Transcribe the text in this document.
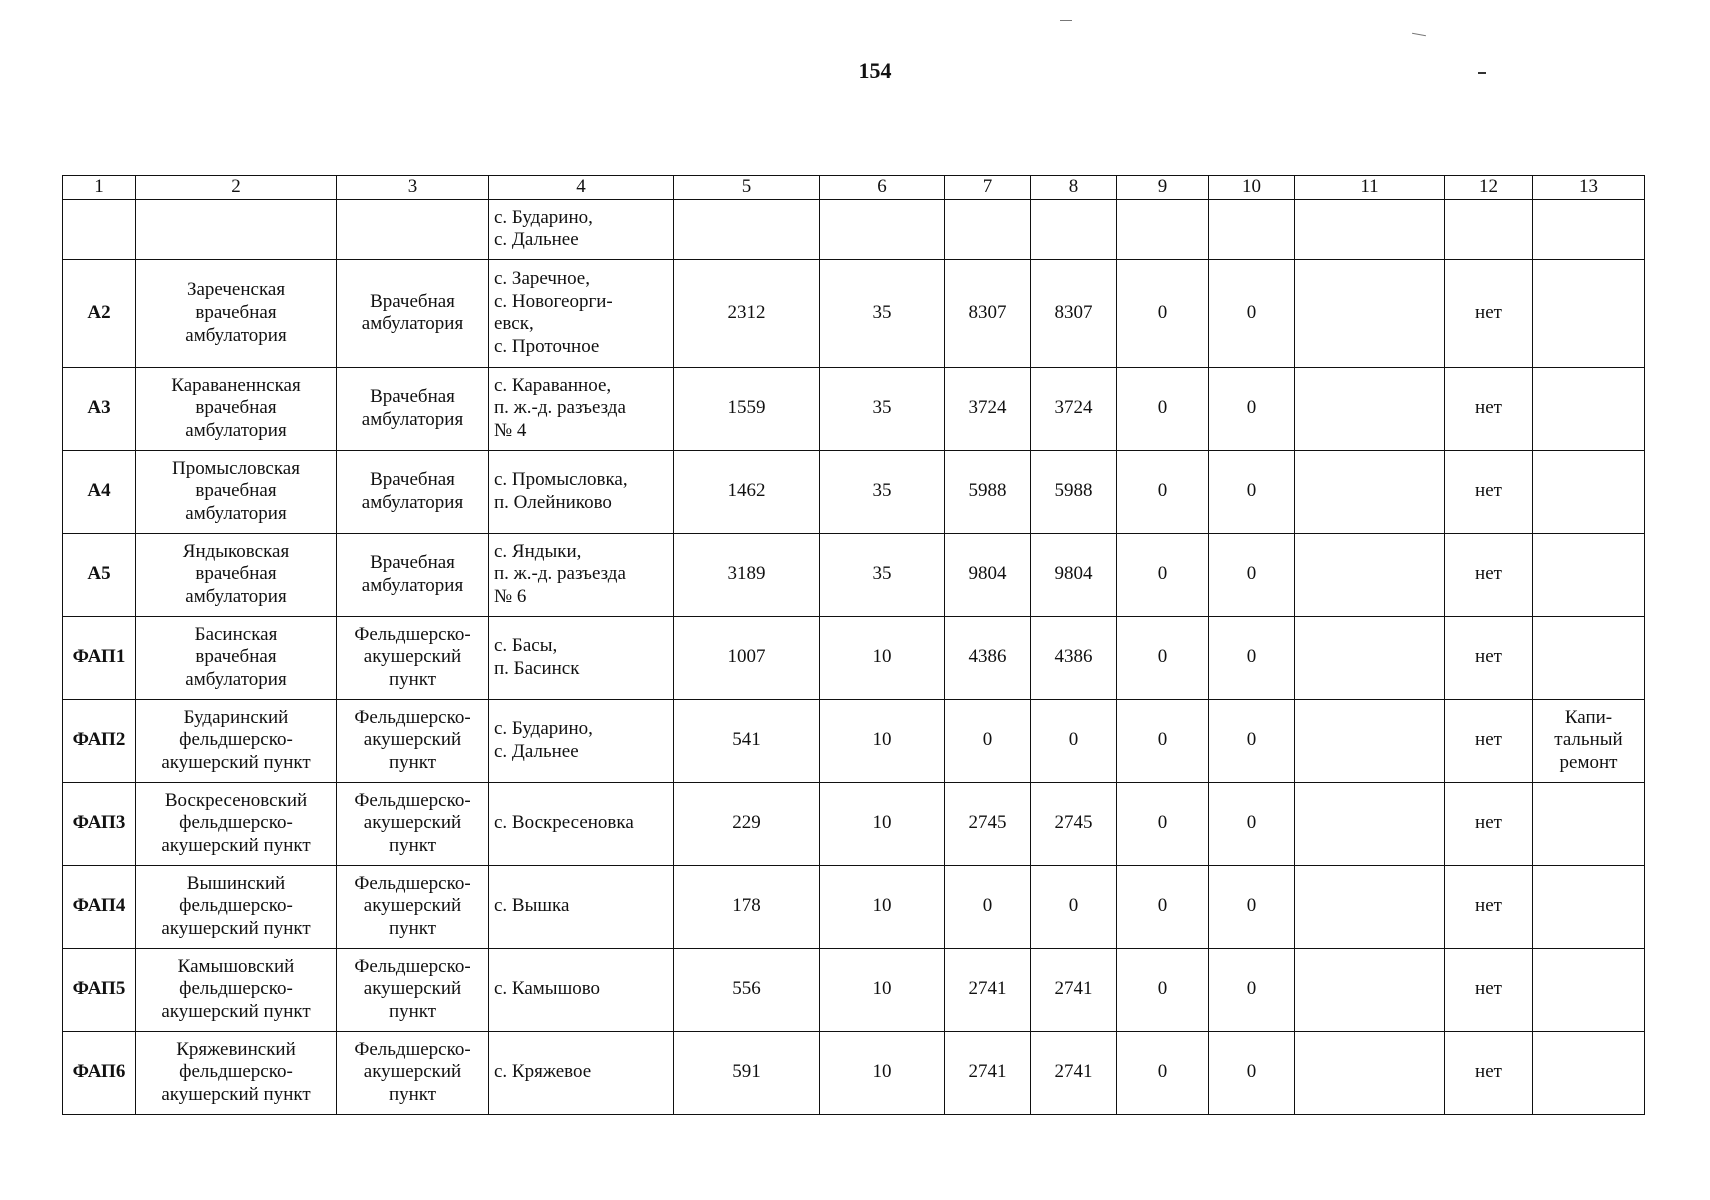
154
1	2	3	4	5	6	7	8	9	10	11	12	13
			с. Бударино,
с. Дальнее									
А2	Зареченская
врачебная
амбулатория	Врачебная
амбулатория	с. Заречное,
с. Новогеорги-
евск,
с. Проточное	2312	35	8307	8307	0	0		нет	
А3	Караваненнская
врачебная
амбулатория	Врачебная
амбулатория	с. Караванное,
п. ж.-д. разъезда
№ 4	1559	35	3724	3724	0	0		нет	
А4	Промысловская
врачебная
амбулатория	Врачебная
амбулатория	с. Промысловка,
п. Олейниково	1462	35	5988	5988	0	0		нет	
А5	Яндыковская
врачебная
амбулатория	Врачебная
амбулатория	с. Яндыки,
п. ж.-д. разъезда
№ 6	3189	35	9804	9804	0	0		нет	
ФАП1	Басинская
врачебная
амбулатория	Фельдшерско-
акушерский
пункт	с. Басы,
п. Басинск	1007	10	4386	4386	0	0		нет	
ФАП2	Бударинский
фельдшерско-
акушерский пункт	Фельдшерско-
акушерский
пункт	с. Бударино,
с. Дальнее	541	10	0	0	0	0		нет	Капи-
тальный
ремонт
ФАП3	Воскресеновский
фельдшерско-
акушерский пункт	Фельдшерско-
акушерский
пункт	с. Воскресеновка	229	10	2745	2745	0	0		нет	
ФАП4	Вышинский
фельдшерско-
акушерский пункт	Фельдшерско-
акушерский
пункт	с. Вышка	178	10	0	0	0	0		нет	
ФАП5	Камышовский
фельдшерско-
акушерский пункт	Фельдшерско-
акушерский
пункт	с. Камышово	556	10	2741	2741	0	0		нет	
ФАП6	Кряжевинский
фельдшерско-
акушерский пункт	Фельдшерско-
акушерский
пункт	с. Кряжевое	591	10	2741	2741	0	0		нет	
